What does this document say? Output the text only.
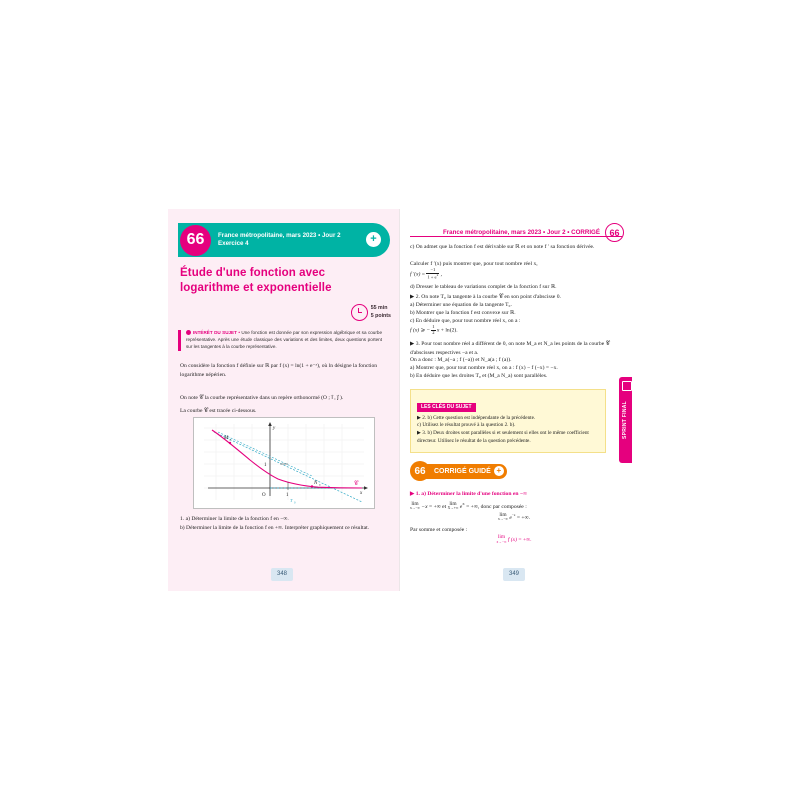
66	France métropolitaine, mars 2023 • Jour 2
Exercice 4	+
Étude d'une fonction avec logarithme et exponentielle
55 min
5 points
INTÉRÊT DU SUJET • Une fonction est donnée par son expression algébrique et sa courbe représentative. Après une étude classique des variations et des limites, deux questions portent sur les tangentes à la courbe représentative.
On considère la fonction f définie sur ℝ par f (x) = ln(1 + e⁻ˣ), où ln désigne la fonction logarithme népérien.
On note 𝒞 la courbe représentative dans un repère orthonormé (O ; i⃗ , j⃗ ).
La courbe 𝒞 est tracée ci-dessous.
M a
N a
O
1
1	x
y
𝒞
T 0
1. a) Déterminer la limite de la fonction f en −∞.
b) Déterminer la limite de la fonction f en +∞. Interpréter graphiquement ce résultat.
348
France métropolitaine, mars 2023 • Jour 2 • CORRIGÉ	66
c) On admet que la fonction f est dérivable sur ℝ et on note f ′ sa fonction dérivée.
Calculer f ′(x) puis montrer que, pour tout nombre réel x,
f $'(x) = \frac{-1}{1 + e^x}$ ,
d) Dresser le tableau de variations complet de la fonction f sur ℝ.
▶ 2. On note T₀ la tangente à la courbe 𝒞 en son point d'abscisse 0.
a) Déterminer une équation de la tangente T₀.
b) Montrer que la fonction f est convexe sur ℝ.
c) En déduire que, pour tout nombre réel x, on a :
f (x) ⩾ − $\frac{1}{2}$ x + ln(2).
▶ 3. Pour tout nombre réel a différent de 0, on note M_a et N_a les points de la courbe 𝒞 d'abscisses respectives −a et a.
On a donc : M_a(−a ; f (−a)) et N_a(a ; f (a)).
a) Montrer que, pour tout nombre réel x, on a : f (x) − f (−x) = −x.
b) En déduire que les droites T₀ et (M_a N_a) sont parallèles.
LES CLÉS DU SUJET
▶ 2. b) Cette question est indépendante de la précédente.
c) Utilisez le résultat prouvé à la question 2. b).
▶ 3. b) Deux droites sont parallèles si et seulement si elles ont le même coefficient directeur. Utilisez le résultat de la question précédente.
66	CORRIGÉ GUIDÉ +
▶ 1. a) Déterminer la limite d'une fonction en −∞
lim
x→−∞ −x = +∞ et lim
X→+∞ $e^X$ = +∞, donc par composée :
lim
x→−∞ $e^{-x}$ = +∞.
Par somme et composée :
lim
x→−∞ f (x) = +∞.
SPRINT FINAL
349
